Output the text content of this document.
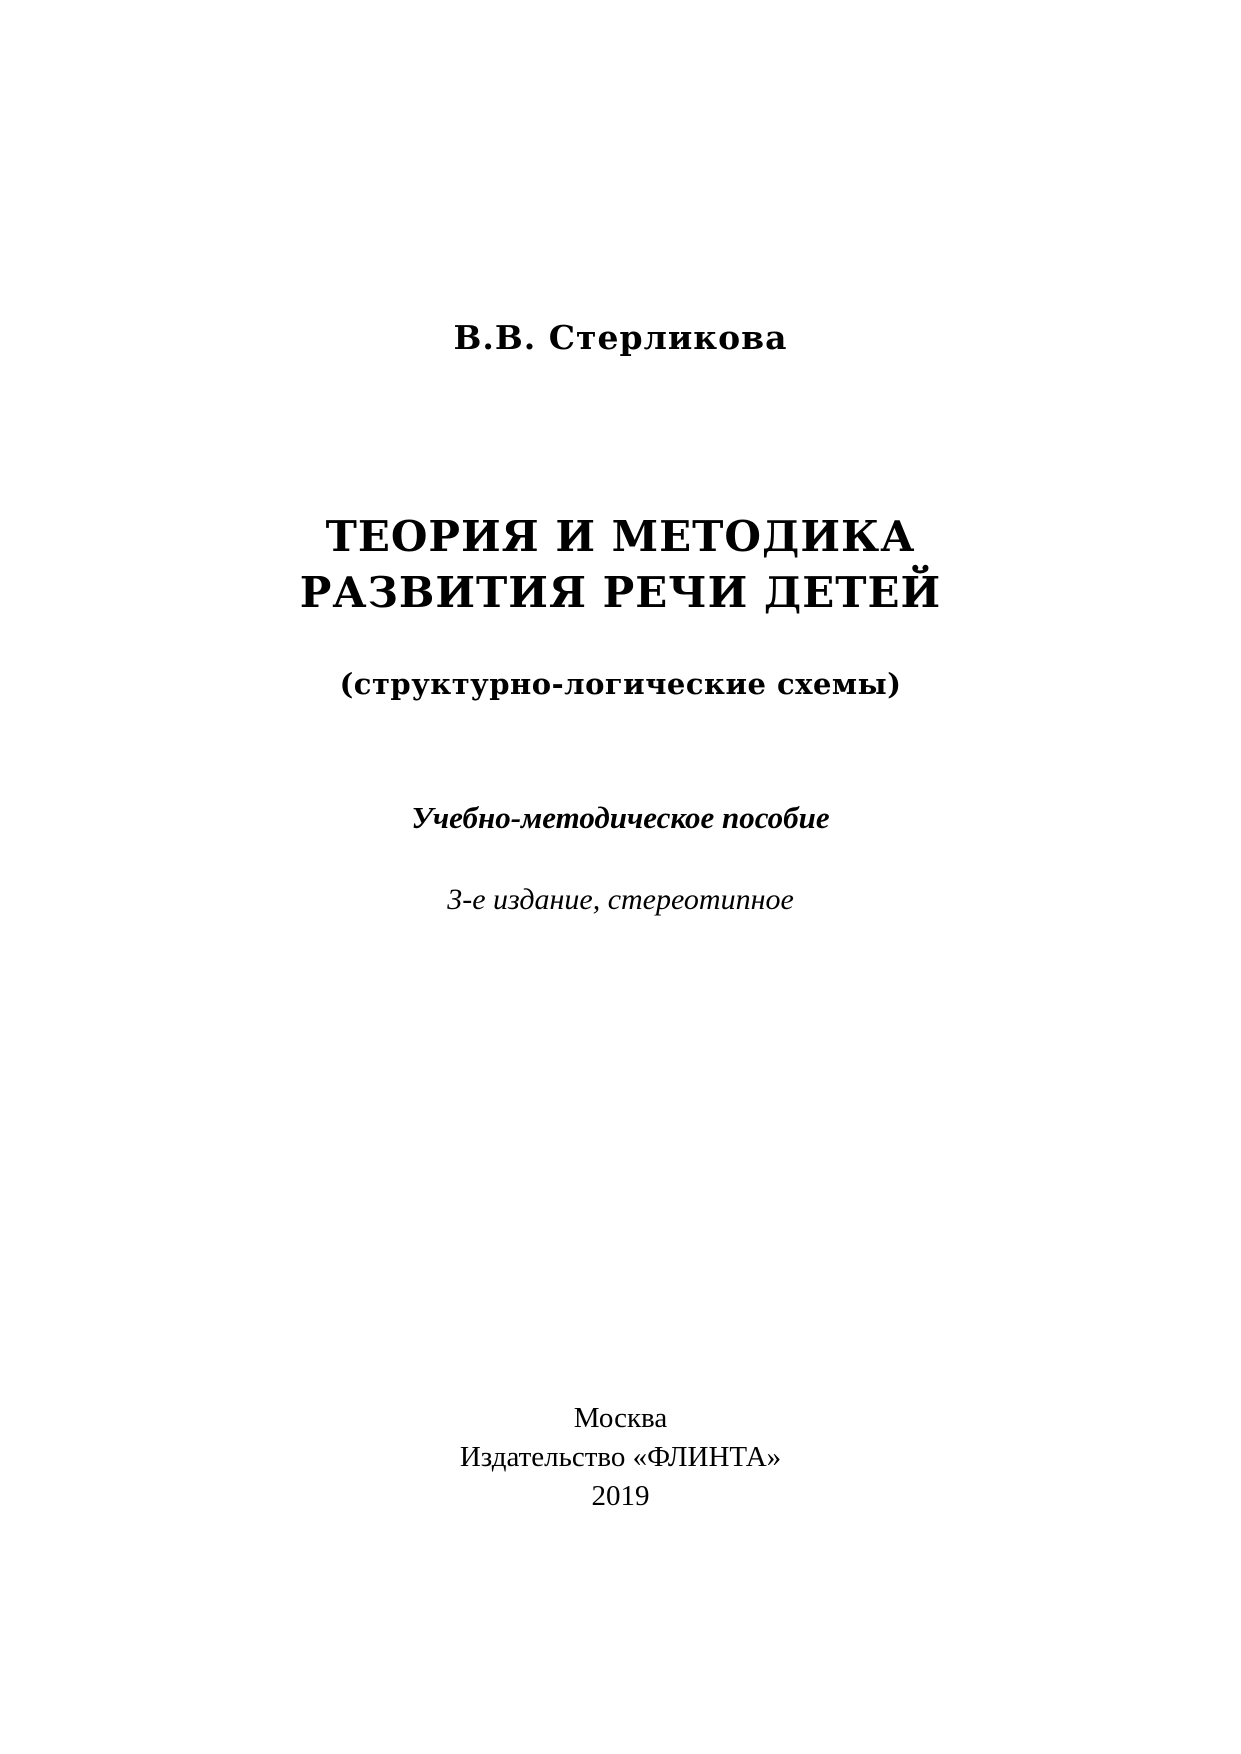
В.В. Стерликова
ТЕОРИЯ И МЕТОДИКА
РАЗВИТИЯ РЕЧИ ДЕТЕЙ
(структурно-логические схемы)
Учебно-методическое пособие
3-е издание, стереотипное
Москва
Издательство «ФЛИНТА»
2019
